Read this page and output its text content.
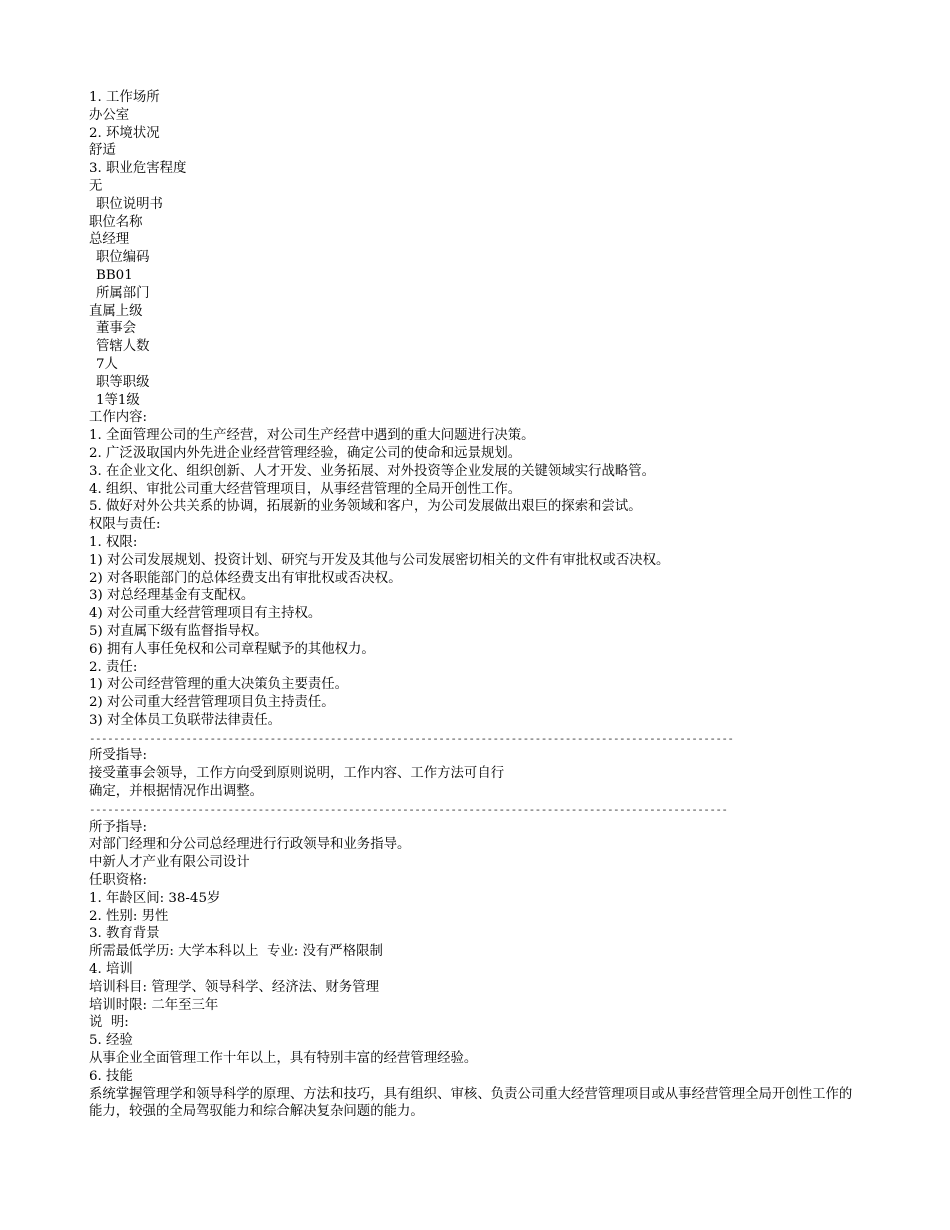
1. 工作场所
办公室
2. 环境状况
舒适
3. 职业危害程度
无
职位说明书
职位名称
总经理
职位编码
BB01
所属部门
直属上级
董事会
管辖人数
7人
职等职级
1等1级
工作内容:
1. 全面管理公司的生产经营，对公司生产经营中遇到的重大问题进行决策。
2. 广泛汲取国内外先进企业经营管理经验，确定公司的使命和远景规划。
3. 在企业文化、组织创新、人才开发、业务拓展、对外投资等企业发展的关键领域实行战略管。
4. 组织、审批公司重大经营管理项目，从事经营管理的全局开创性工作。
5. 做好对外公共关系的协调，拓展新的业务领域和客户，为公司发展做出艰巨的探索和尝试。
权限与责任:
1. 权限:
1) 对公司发展规划、投资计划、研究与开发及其他与公司发展密切相关的文件有审批权或否决权。
2) 对各职能部门的总体经费支出有审批权或否决权。
3) 对总经理基金有支配权。
4) 对公司重大经营管理项目有主持权。
5) 对直属下级有监督指导权。
6) 拥有人事任免权和公司章程赋予的其他权力。
2. 责任:
1) 对公司经营管理的重大决策负主要责任。
2) 对公司重大经营管理项目负主持责任。
3) 对全体员工负联带法律责任。
-----------------------------------------------------------------------------------------------------------
所受指导:
接受董事会领导，工作方向受到原则说明，工作内容、工作方法可自行
确定，并根据情况作出调整。
----------------------------------------------------------------------------------------------------------
所予指导:
对部门经理和分公司总经理进行行政领导和业务指导。
中新人才产业有限公司设计
任职资格:
1. 年龄区间: 38-45岁
2. 性别: 男性
3. 教育背景
所需最低学历: 大学本科以上  专业: 没有严格限制
4. 培训
培训科目: 管理学、领导科学、经济法、财务管理
培训时限: 二年至三年
说  明:
5. 经验
从事企业全面管理工作十年以上，具有特别丰富的经营管理经验。
6. 技能
系统掌握管理学和领导科学的原理、方法和技巧，具有组织、审核、负责公司重大经营管理项目或从事经营管理全局开创性工作的能力，较强的全局驾驭能力和综合解决复杂问题的能力。
